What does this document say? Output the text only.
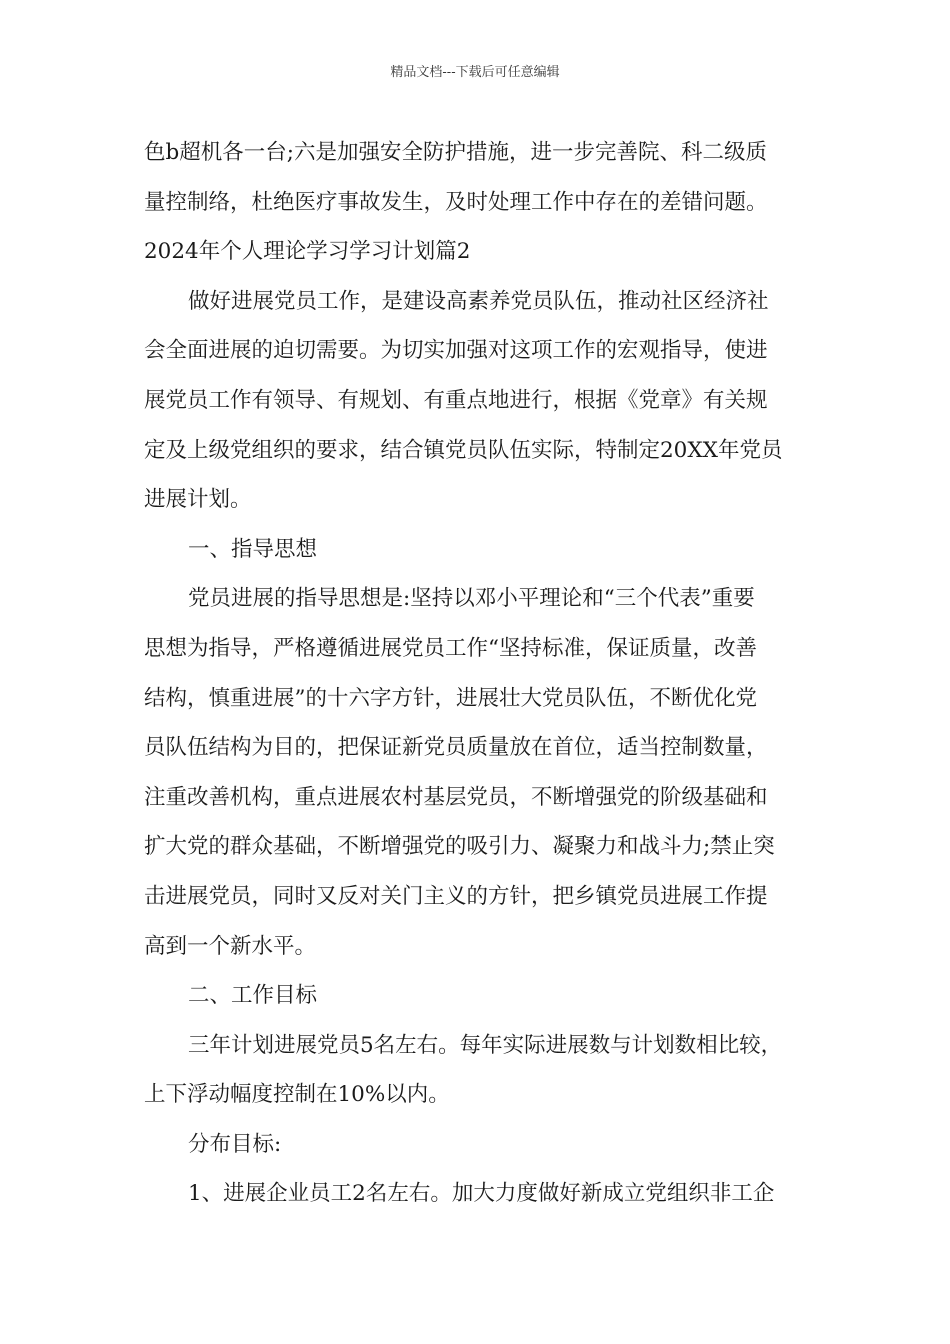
精品文档---下载后可任意编辑

色b超机各一台;六是加强安全防护措施，进一步完善院、科二级质

量控制络，杜绝医疗事故发生，及时处理工作中存在的差错问题。

2024年个人理论学习学习计划篇2

做好进展党员工作，是建设高素养党员队伍，推动社区经济社

会全面进展的迫切需要。为切实加强对这项工作的宏观指导，使进

展党员工作有领导、有规划、有重点地进行，根据《党章》有关规

定及上级党组织的要求，结合镇党员队伍实际，特制定20XX年党员

进展计划。

一、指导思想

党员进展的指导思想是:坚持以邓小平理论和“三个代表”重要

思想为指导，严格遵循进展党员工作“坚持标准，保证质量，改善

结构，慎重进展”的十六字方针，进展壮大党员队伍，不断优化党

员队伍结构为目的，把保证新党员质量放在首位，适当控制数量，

注重改善机构，重点进展农村基层党员，不断增强党的阶级基础和

扩大党的群众基础，不断增强党的吸引力、凝聚力和战斗力;禁止突

击进展党员，同时又反对关门主义的方针，把乡镇党员进展工作提

高到一个新水平。

二、工作目标

三年计划进展党员5名左右。每年实际进展数与计划数相比较，

上下浮动幅度控制在10%以内。

分布目标:

1、进展企业员工2名左右。加大力度做好新成立党组织非工企
